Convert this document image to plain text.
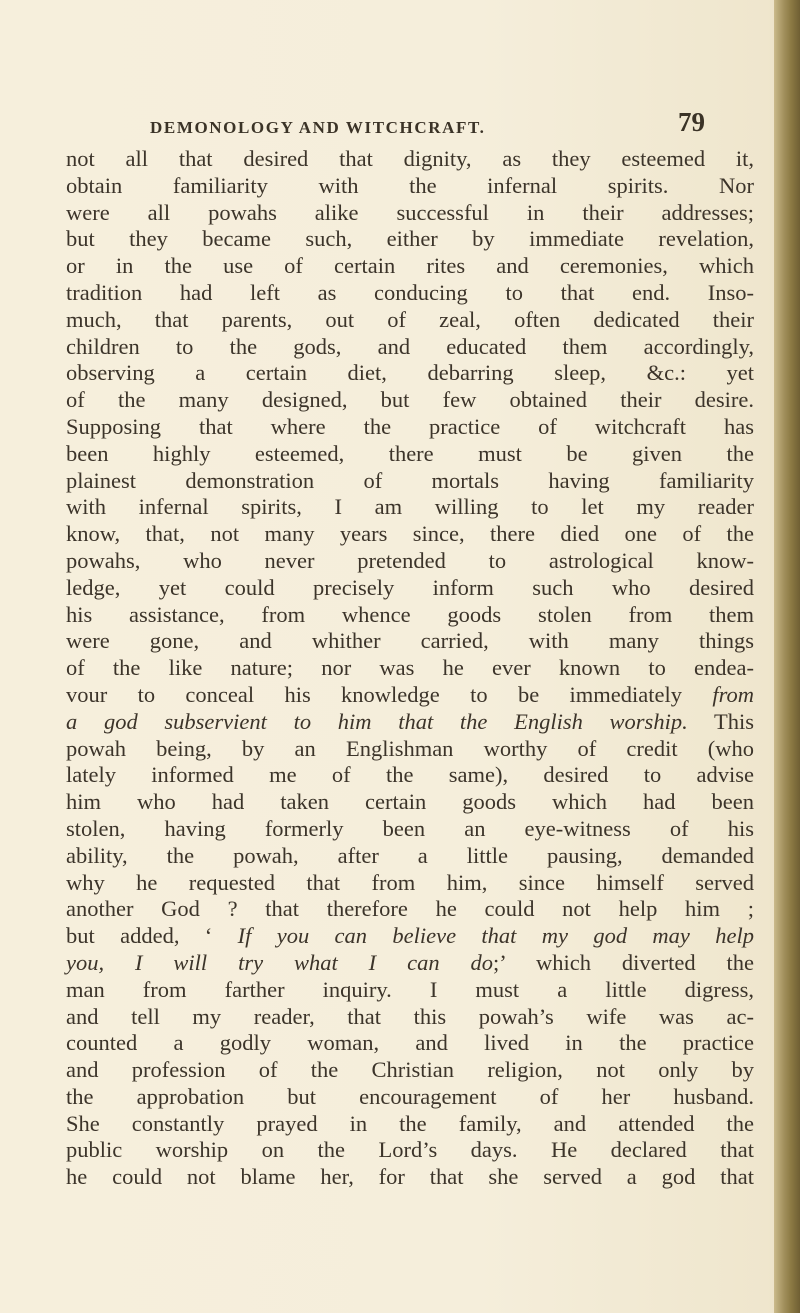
DEMONOLOGY AND WITCHCRAFT.	79
not all that desired that dignity, as they esteemed it,
obtain familiarity with the infernal spirits. Nor
were all powahs alike successful in their addresses;
but they became such, either by immediate revelation,
or in the use of certain rites and ceremonies, which
tradition had left as conducing to that end. Inso-
much, that parents, out of zeal, often dedicated their
children to the gods, and educated them accordingly,
observing a certain diet, debarring sleep, &c.: yet
of the many designed, but few obtained their desire.
Supposing that where the practice of witchcraft has
been highly esteemed, there must be given the
plainest demonstration of mortals having familiarity
with infernal spirits, I am willing to let my reader
know, that, not many years since, there died one of the
powahs, who never pretended to astrological know-
ledge, yet could precisely inform such who desired
his assistance, from whence goods stolen from them
were gone, and whither carried, with many things
of the like nature; nor was he ever known to endea-
vour to conceal his knowledge to be immediately from
a god subservient to him that the English worship. This
powah being, by an Englishman worthy of credit (who
lately informed me of the same), desired to advise
him who had taken certain goods which had been
stolen, having formerly been an eye-witness of his
ability, the powah, after a little pausing, demanded
why he requested that from him, since himself served
another God ? that therefore he could not help him ;
but added, ‘ If you can believe that my god may help
you, I will try what I can do;’ which diverted the
man from farther inquiry. I must a little digress,
and tell my reader, that this powah’s wife was ac-
counted a godly woman, and lived in the practice
and profession of the Christian religion, not only by
the approbation but encouragement of her husband.
She constantly prayed in the family, and attended the
public worship on the Lord’s days. He declared that
he could not blame her, for that she served a god that
